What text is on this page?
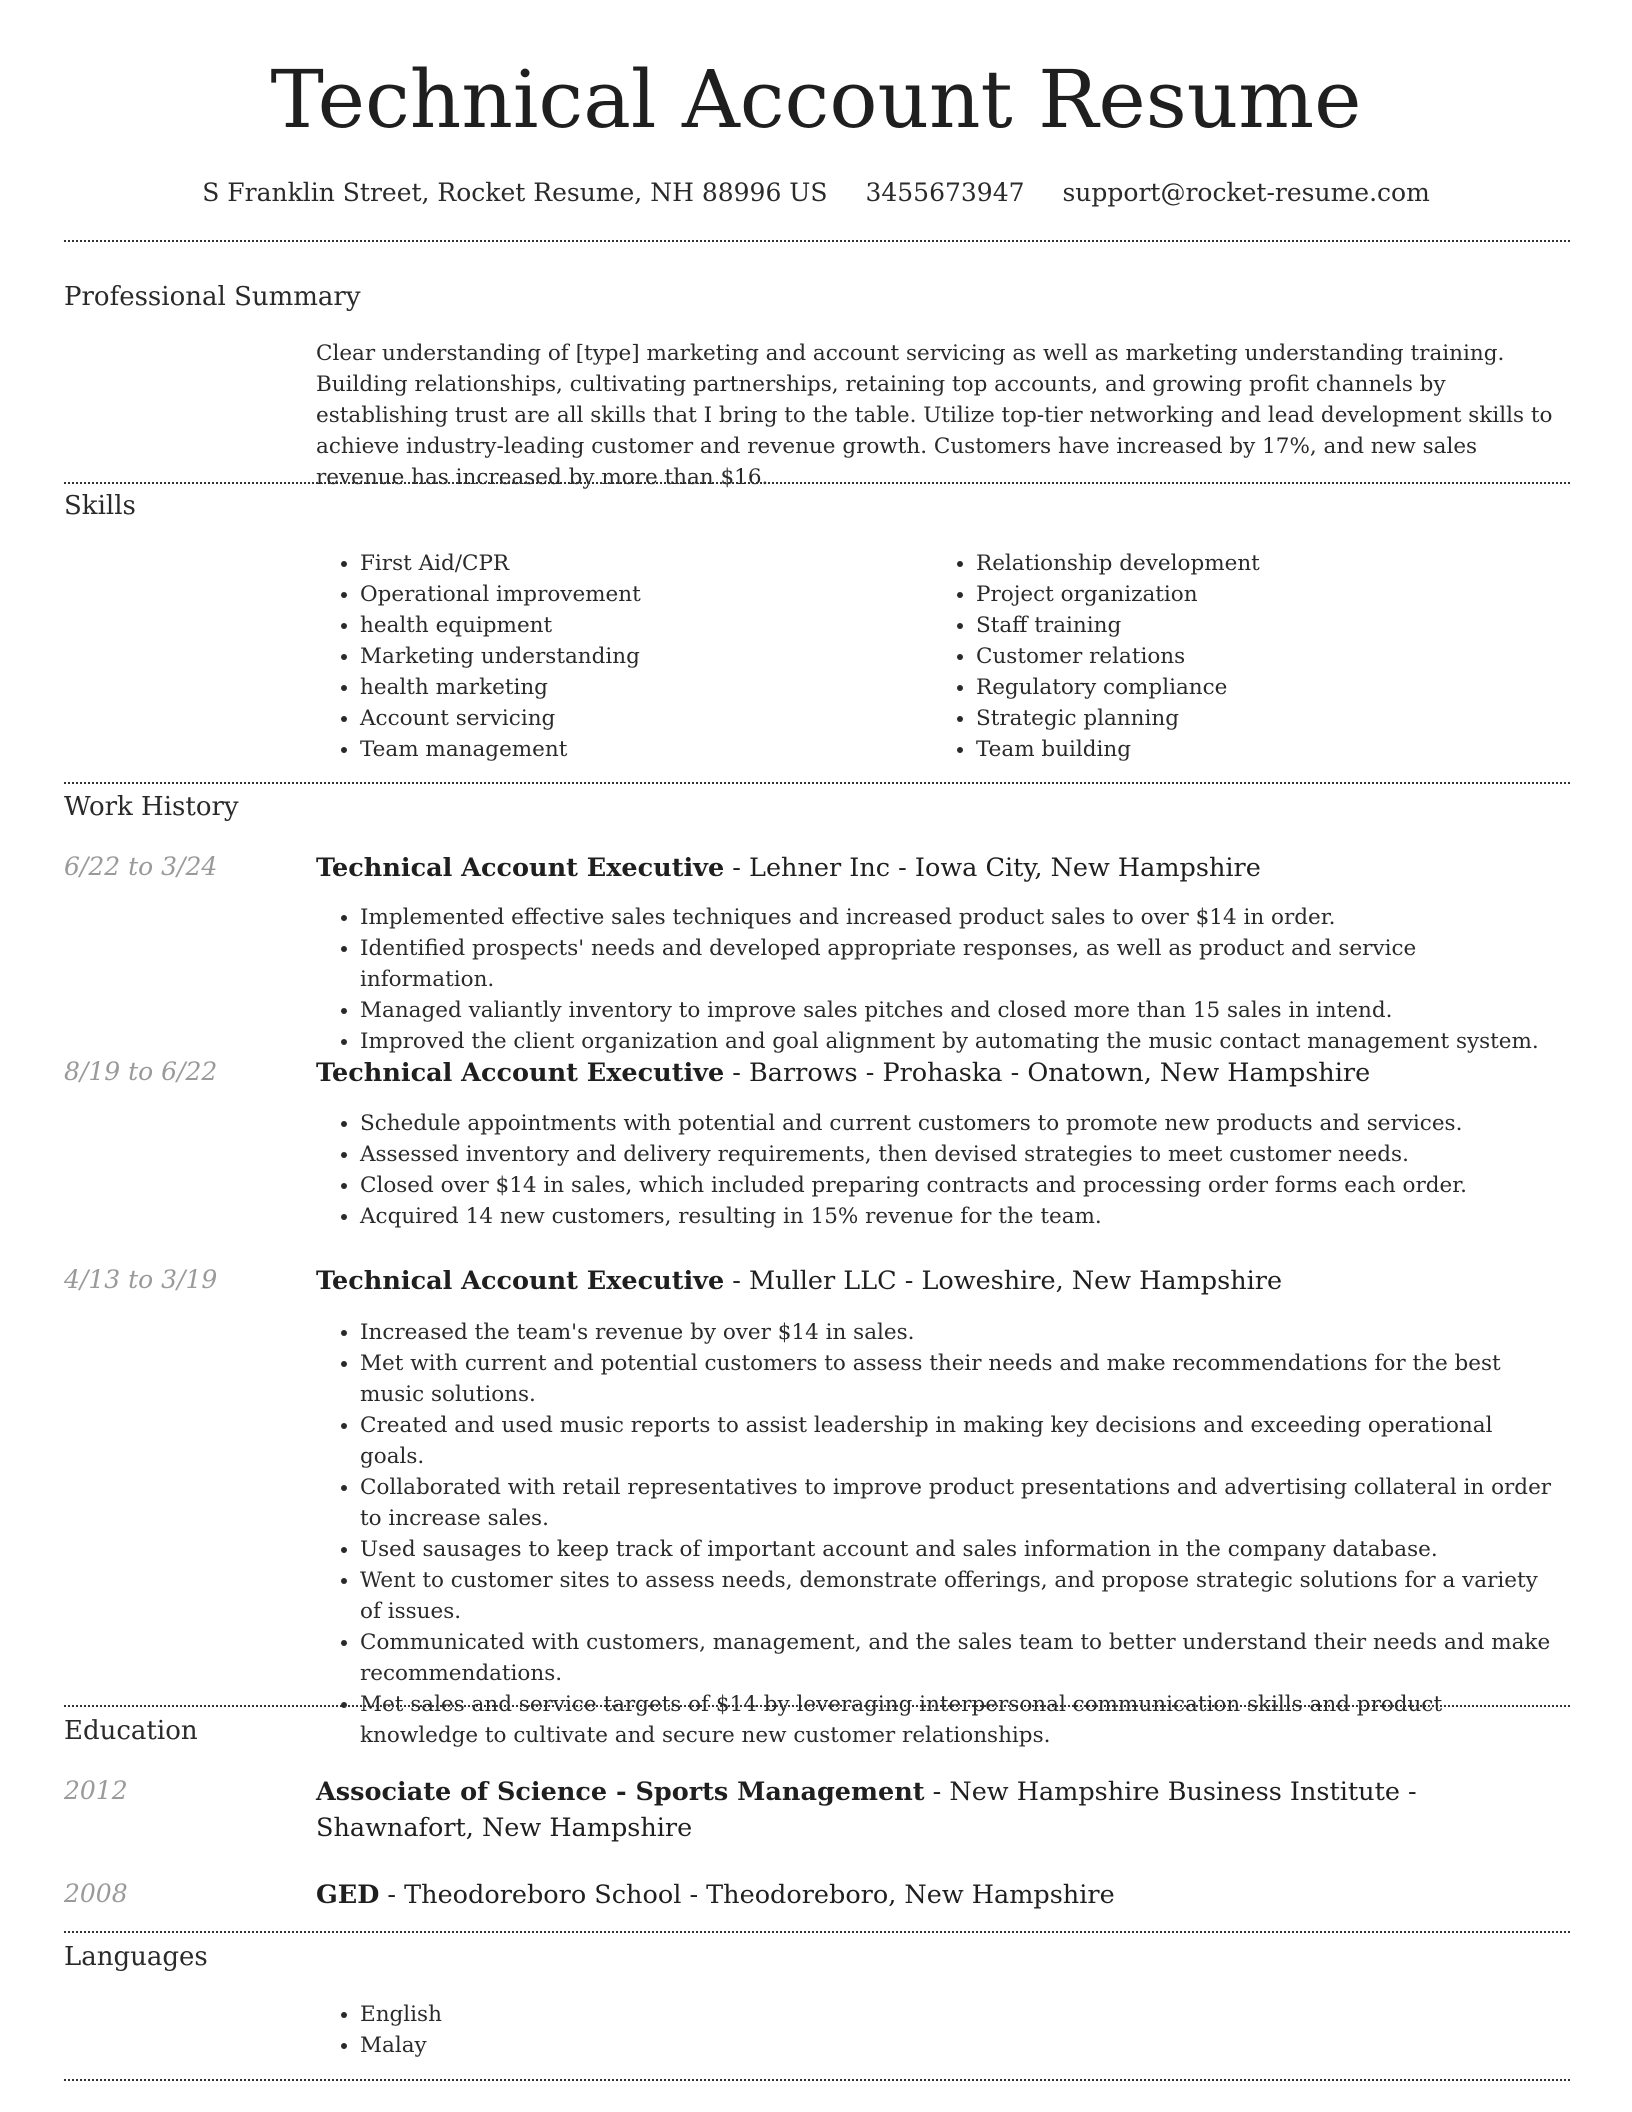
Technical Account Resume
S Franklin Street, Rocket Resume, NH 88996 US 3455673947 support@rocket-resume.com
Professional Summary
Clear understanding of [type] marketing and account servicing as well as marketing understanding training. Building relationships, cultivating partnerships, retaining top accounts, and growing profit channels by establishing trust are all skills that I bring to the table. Utilize top-tier networking and lead development skills to achieve industry-leading customer and revenue growth. Customers have increased by 17%, and new sales revenue has increased by more than $16.
Skills
• First Aid/CPR
• Operational improvement
• health equipment
• Marketing understanding
• health marketing
• Account servicing
• Team management
• Relationship development
• Project organization
• Staff training
• Customer relations
• Regulatory compliance
• Strategic planning
• Team building
Work History
6/22 to 3/24	Technical Account Executive - Lehner Inc - Iowa City, New Hampshire
• Implemented effective sales techniques and increased product sales to over $14 in order.
• Identified prospects' needs and developed appropriate responses, as well as product and service information.
• Managed valiantly inventory to improve sales pitches and closed more than 15 sales in intend.
• Improved the client organization and goal alignment by automating the music contact management system.
8/19 to 6/22	Technical Account Executive - Barrows - Prohaska - Onatown, New Hampshire
• Schedule appointments with potential and current customers to promote new products and services.
• Assessed inventory and delivery requirements, then devised strategies to meet customer needs.
• Closed over $14 in sales, which included preparing contracts and processing order forms each order.
• Acquired 14 new customers, resulting in 15% revenue for the team.
4/13 to 3/19	Technical Account Executive - Muller LLC - Loweshire, New Hampshire
• Increased the team's revenue by over $14 in sales.
• Met with current and potential customers to assess their needs and make recommendations for the best music solutions.
• Created and used music reports to assist leadership in making key decisions and exceeding operational goals.
• Collaborated with retail representatives to improve product presentations and advertising collateral in order to increase sales.
• Used sausages to keep track of important account and sales information in the company database.
• Went to customer sites to assess needs, demonstrate offerings, and propose strategic solutions for a variety of issues.
• Communicated with customers, management, and the sales team to better understand their needs and make recommendations.
• Met sales and service targets of $14 by leveraging interpersonal communication skills and product knowledge to cultivate and secure new customer relationships.
Education
2012	Associate of Science - Sports Management - New Hampshire Business Institute - Shawnafort, New Hampshire
2008	GED - Theodoreboro School - Theodoreboro, New Hampshire
Languages
• English
• Malay
